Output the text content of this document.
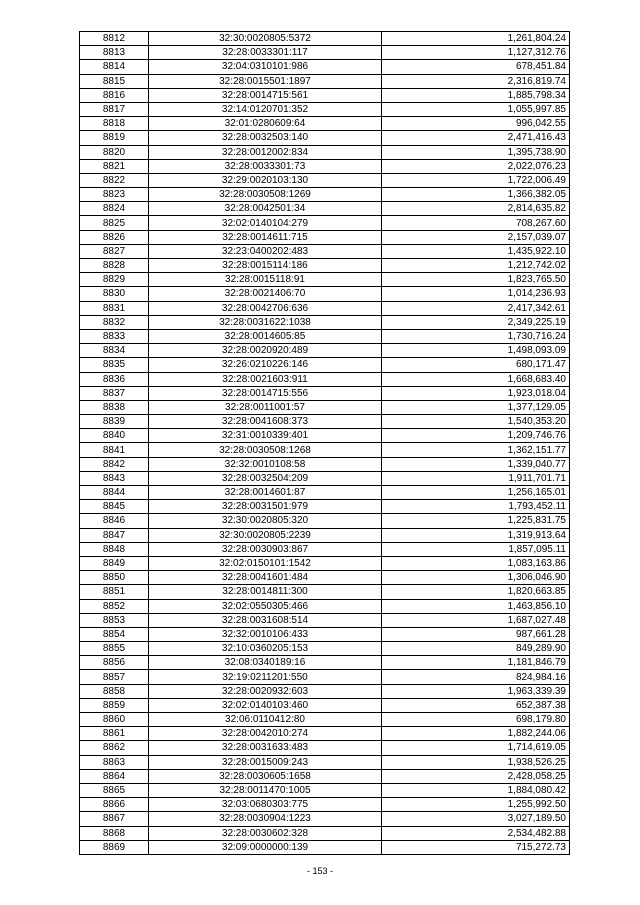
8812	32:30:0020805:5372	1,261,804.24
8813	32:28:0033301:117	1,127,312.76
8814	32:04:0310101:986	678,451.84
8815	32:28:0015501:1897	2,316,819.74
8816	32:28:0014715:561	1,885,798.34
8817	32:14:0120701:352	1,055,997.85
8818	32:01:0280609:64	996,042.55
8819	32:28:0032503:140	2,471,416.43
8820	32:28:0012002:834	1,395,738.90
8821	32:28:0033301:73	2,022,076.23
8822	32:29:0020103:130	1,722,006.49
8823	32:28:0030508:1269	1,366,382.05
8824	32:28:0042501:34	2,814,635.82
8825	32:02:0140104:279	708,267.60
8826	32:28:0014611:715	2,157,039.07
8827	32:23:0400202:483	1,435,922.10
8828	32:28:0015114:186	1,212,742.02
8829	32:28:0015118:91	1,823,765.50
8830	32:28:0021406:70	1,014,236.93
8831	32:28:0042706:636	2,417,342.61
8832	32:28:0031622:1038	2,349,225.19
8833	32:28:0014605:85	1,730,716.24
8834	32:28:0020920:489	1,498,093.09
8835	32:26:0210226:146	680,171.47
8836	32:28:0021603:911	1,668,683.40
8837	32:28:0014715:556	1,923,018.04
8838	32:28:0011001:57	1,377,129.05
8839	32:28:0041608:373	1,540,353.20
8840	32:31:0010339:401	1,209,746.76
8841	32:28:0030508:1268	1,362,151.77
8842	32:32:0010108:58	1,339,040.77
8843	32:28:0032504:209	1,911,701.71
8844	32:28:0014601:87	1,256,165.01
8845	32:28:0031501:979	1,793,452.11
8846	32:30:0020805:320	1,225,831.75
8847	32:30:0020805:2239	1,319,913.64
8848	32:28:0030903:867	1,857,095.11
8849	32:02:0150101:1542	1,083,163.86
8850	32:28:0041601:484	1,306,046.90
8851	32:28:0014811:300	1,820,663.85
8852	32:02:0550305:466	1,463,856.10
8853	32:28:0031608:514	1,687,027.48
8854	32:32:0010106:433	987,661.28
8855	32:10:0360205:153	849,289.90
8856	32:08:0340189:16	1,181,846.79
8857	32:19:0211201:550	824,984.16
8858	32:28:0020932:603	1,963,339.39
8859	32:02:0140103:460	652,387.38
8860	32:06:0110412:80	698,179.80
8861	32:28:0042010:274	1,882,244.06
8862	32:28:0031633:483	1,714,619.05
8863	32:28:0015009:243	1,938,526.25
8864	32:28:0030605:1658	2,428,058.25
8865	32:28:0011470:1005	1,884,080.42
8866	32:03:0680303:775	1,255,992.50
8867	32:28:0030904:1223	3,027,189.50
8868	32:28:0030602:328	2,534,482.88
8869	32:09:0000000:139	715,272.73
- 153 -
